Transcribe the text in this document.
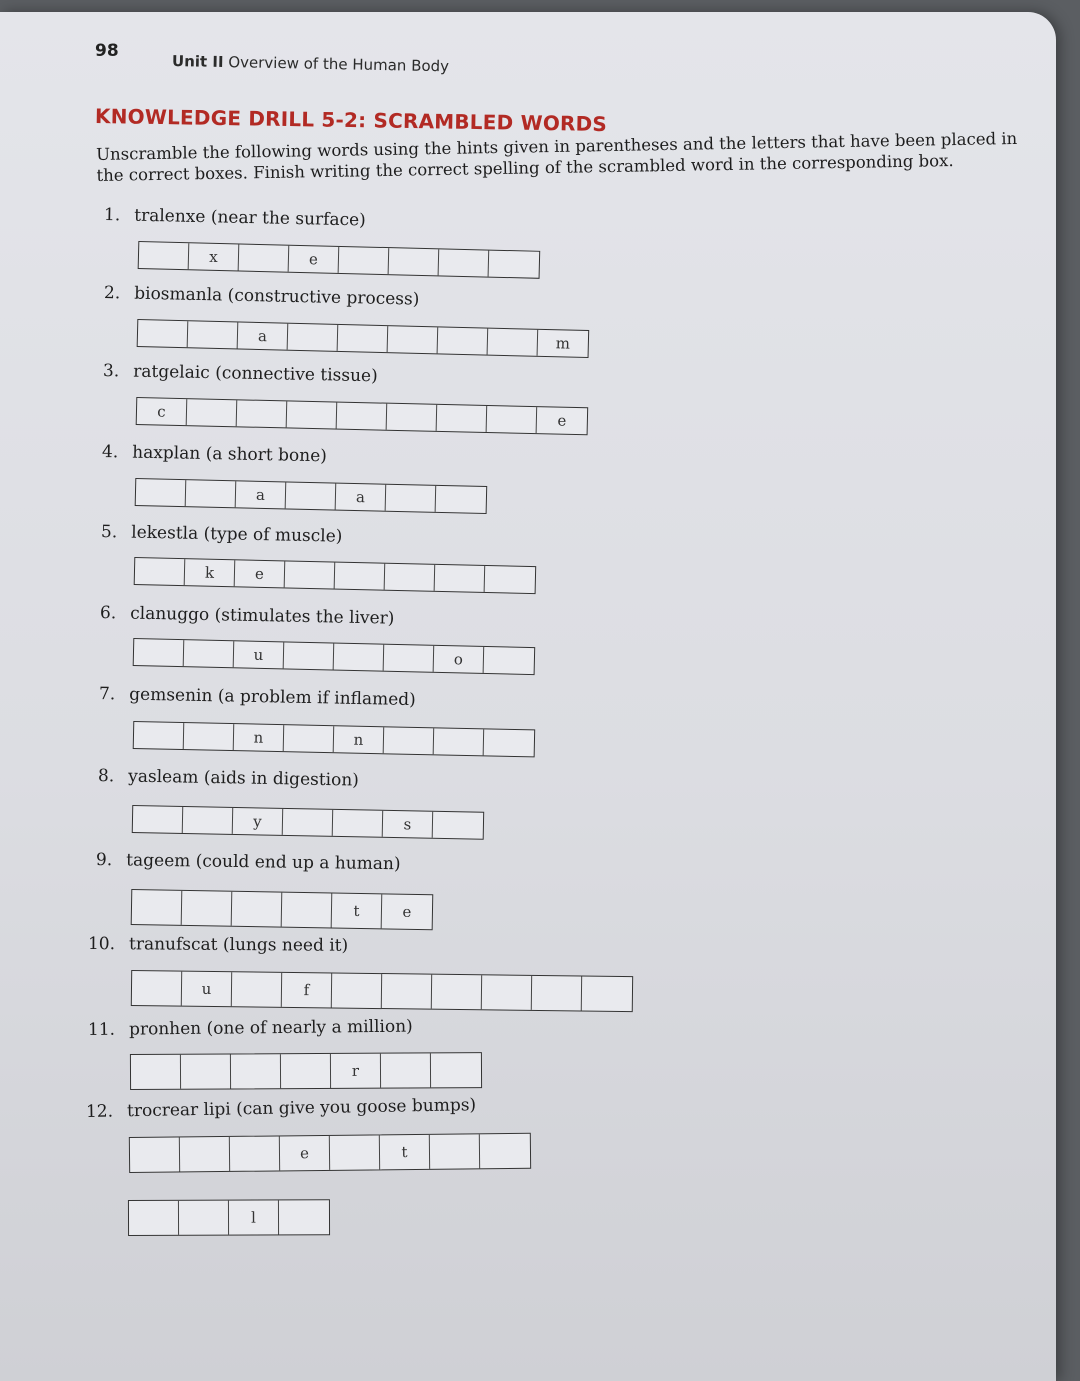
98
Unit II Overview of the Human Body
KNOWLEDGE DRILL 5-2: SCRAMBLED WORDS
Unscramble the following words using the hints given in parentheses and the letters that have been placed in the correct boxes. Finish writing the correct spelling of the scrambled word in the corresponding box.
1. tralenxe (near the surface)
x	e
2. biosmanla (constructive process)
a	m
3. ratgelaic (connective tissue)
c	e
4. haxplan (a short bone)
a	a
5. lekestla (type of muscle)
k	e
6. clanuggo (stimulates the liver)
u	o
7. gemsenin (a problem if inflamed)
n	n
8. yasleam (aids in digestion)
y	s
9. tageem (could end up a human)
t	e
10. tranufscat (lungs need it)
u	f
11. pronhen (one of nearly a million)
r
12. trocrear lipi (can give you goose bumps)
e	t
l
